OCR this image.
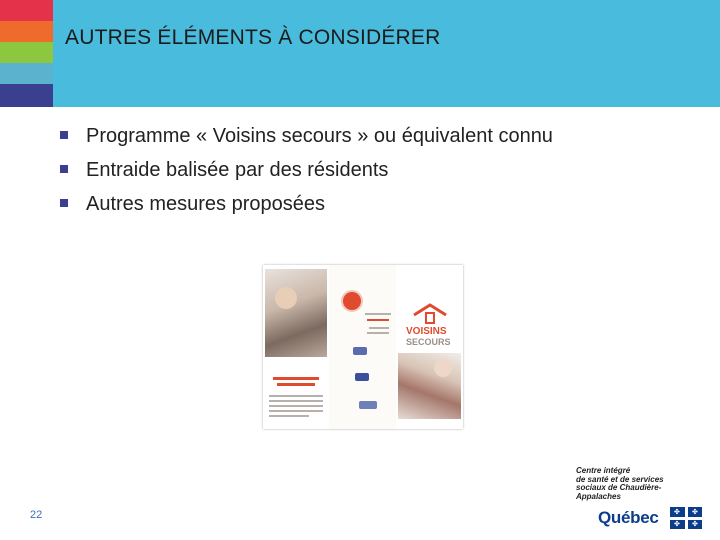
AUTRES ÉLÉMENTS À CONSIDÉRER
Programme « Voisins secours » ou équivalent connu
Entraide balisée par des résidents
Autres mesures proposées
VOISINS
SECOURS
22
Centre intégré
de santé et de services
sociaux de Chaudière-
Appalaches
Québec ✤ ✤
✤ ✤
